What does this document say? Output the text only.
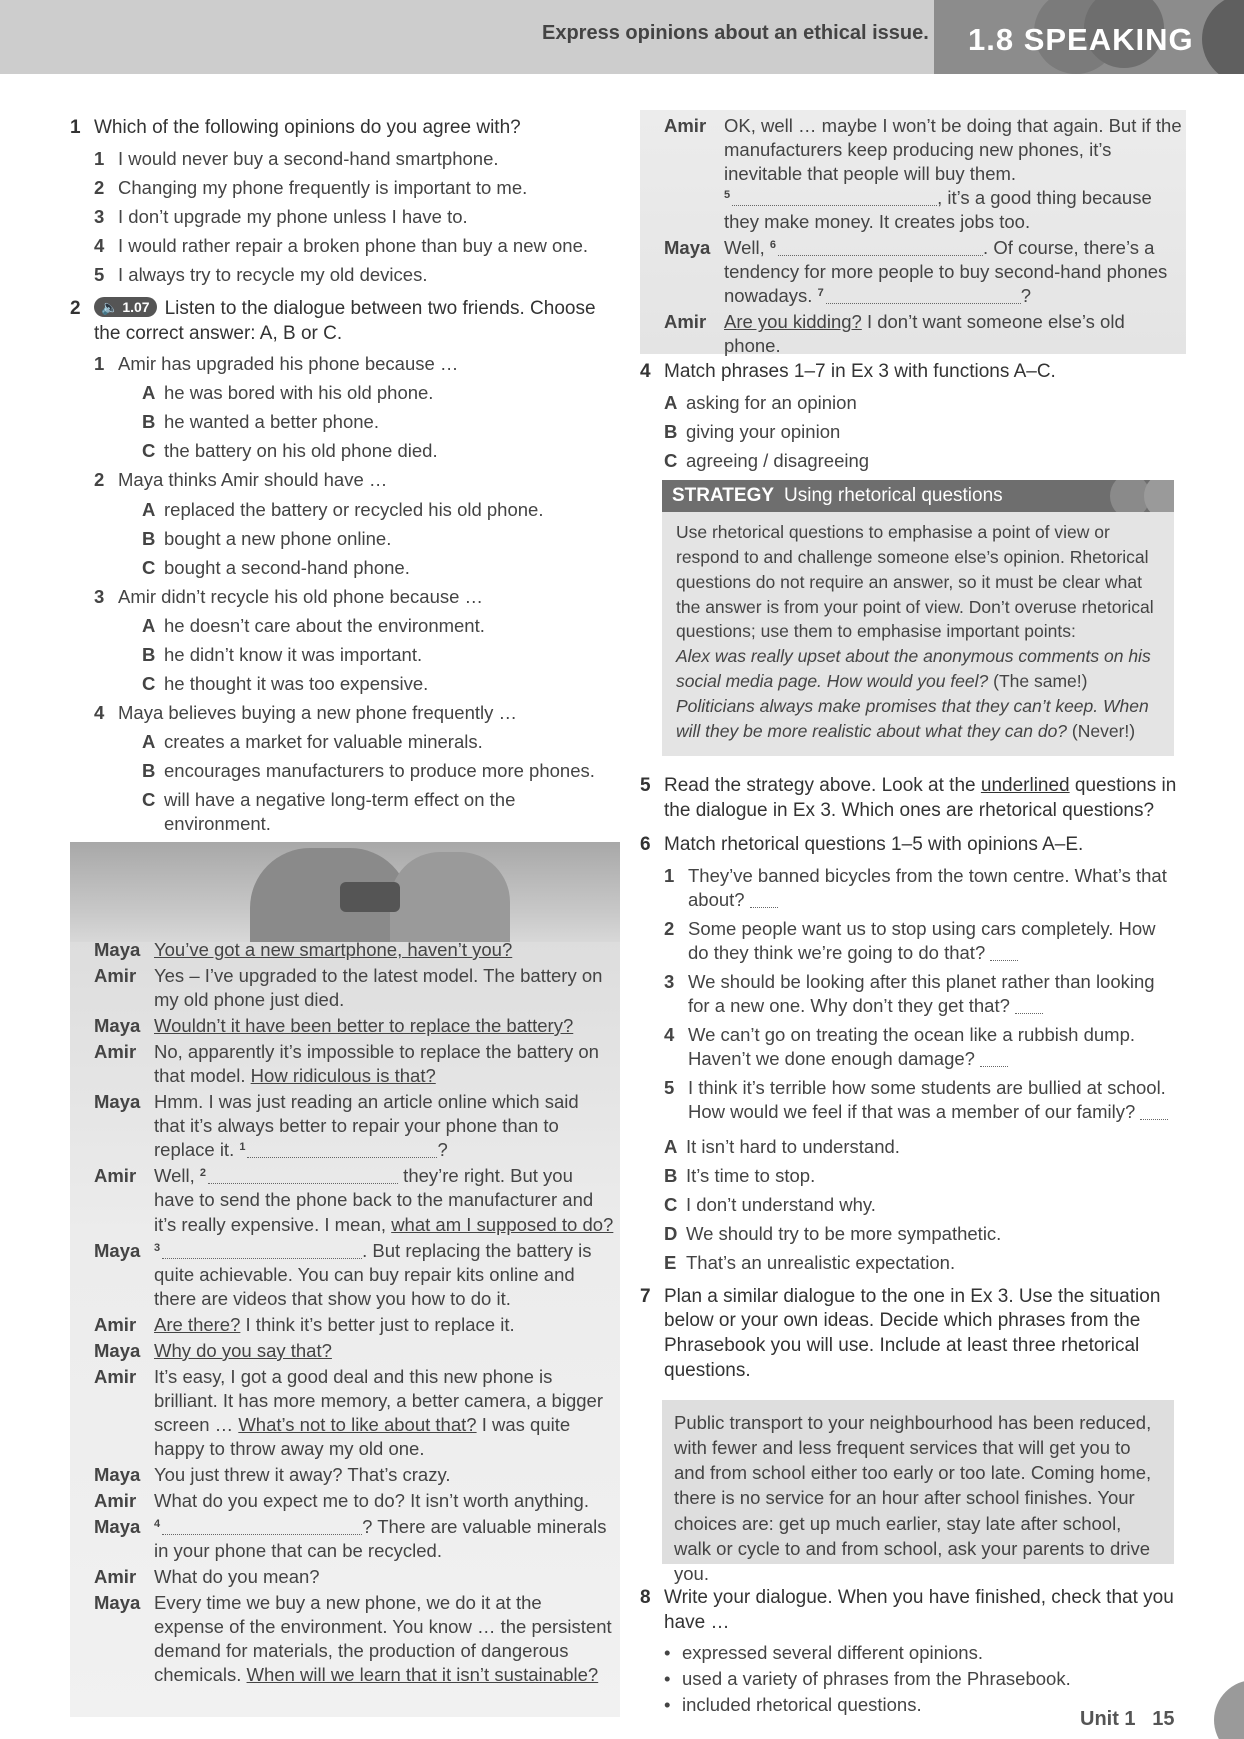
Express opinions about an ethical issue. 1.8 SPEAKING
1 Which of the following opinions do you agree with?
1 I would never buy a second-hand smartphone.
2 Changing my phone frequently is important to me.
3 I don’t upgrade my phone unless I have to.
4 I would rather repair a broken phone than buy a new one.
5 I always try to recycle my old devices.
2	🔈 1.07 Listen to the dialogue between two friends. Choose the correct answer: A, B or C.
1 Amir has upgraded his phone because …
A he was bored with his old phone.
B he wanted a better phone.
C the battery on his old phone died.
2 Maya thinks Amir should have …
A replaced the battery or recycled his old phone.
B bought a new phone online.
C bought a second-hand phone.
3 Amir didn’t recycle his old phone because …
A he doesn’t care about the environment.
B he didn’t know it was important.
C he thought it was too expensive.
4 Maya believes buying a new phone frequently …
A creates a market for valuable minerals.
B encourages manufacturers to produce more phones.
C will have a negative long-term effect on the environment.
Maya You’ve got a new smartphone, haven’t you?
Amir Yes – I’ve upgraded to the latest model. The battery on my old phone just died.
Maya Wouldn’t it have been better to replace the battery?
Amir No, apparently it’s impossible to replace the battery on that model. How ridiculous is that?
Maya Hmm. I was just reading an article online which said that it’s always better to repair your phone than to replace it. $^1$	?
Amir Well, $^2$	they’re right. But you have to send the phone back to the manufacturer and it’s really expensive. I mean, what am I supposed to do?
Maya	$^3$	. But replacing the battery is quite achievable. You can buy repair kits online and there are videos that show you how to do it.
Amir Are there? I think it’s better just to replace it.
Maya Why do you say that?
Amir It’s easy, I got a good deal and this new phone is brilliant. It has more memory, a better camera, a bigger screen … What’s not to like about that? I was quite happy to throw away my old one.
Maya You just threw it away? That’s crazy.
Amir What do you expect me to do? It isn’t worth anything.
Maya	$^4$	? There are valuable minerals in your phone that can be recycled.
Amir What do you mean?
Maya Every time we buy a new phone, we do it at the expense of the environment. You know … the persistent demand for materials, the production of dangerous chemicals. When will we learn that it isn’t sustainable?
Amir OK, well … maybe I won’t be doing that again. But if the manufacturers keep producing new phones, it’s inevitable that people will buy them.
$^5$	, it’s a good thing because they make money. It creates jobs too.
Maya Well, $^6$	. Of course, there’s a tendency for more people to buy second-hand phones nowadays. $^7$	?
Amir Are you kidding? I don’t want someone else’s old phone.
4 Match phrases 1–7 in Ex 3 with functions A–C.
A asking for an opinion
B giving your opinion
C agreeing / disagreeing
STRATEGY Using rhetorical questions
Use rhetorical questions to emphasise a point of view or respond to and challenge someone else’s opinion. Rhetorical questions do not require an answer, so it must be clear what the answer is from your point of view. Don’t overuse rhetorical questions; use them to emphasise important points:
Alex was really upset about the anonymous comments on his social media page. How would you feel? (The same!)
Politicians always make promises that they can’t keep. When will they be more realistic about what they can do? (Never!)
5 Read the strategy above. Look at the underlined questions in the dialogue in Ex 3. Which ones are rhetorical questions?
6 Match rhetorical questions 1–5 with opinions A–E.
1 They’ve banned bicycles from the town centre. What’s that about?
2 Some people want us to stop using cars completely. How do they think we’re going to do that?
3 We should be looking after this planet rather than looking for a new one. Why don’t they get that?
4 We can’t go on treating the ocean like a rubbish dump. Haven’t we done enough damage?
5 I think it’s terrible how some students are bullied at school. How would we feel if that was a member of our family?
A It isn’t hard to understand.
B It’s time to stop.
C I don’t understand why.
D We should try to be more sympathetic.
E That’s an unrealistic expectation.
7 Plan a similar dialogue to the one in Ex 3. Use the situation below or your own ideas. Decide which phrases from the Phrasebook you will use. Include at least three rhetorical questions.
Public transport to your neighbourhood has been reduced, with fewer and less frequent services that will get you to and from school either too early or too late. Coming home, there is no service for an hour after school finishes. Your choices are: get up much earlier, stay late after school, walk or cycle to and from school, ask your parents to drive you.
8 Write your dialogue. When you have finished, check that you have …
• expressed several different opinions.
• used a variety of phrases from the Phrasebook.
• included rhetorical questions.
Unit 1 15
